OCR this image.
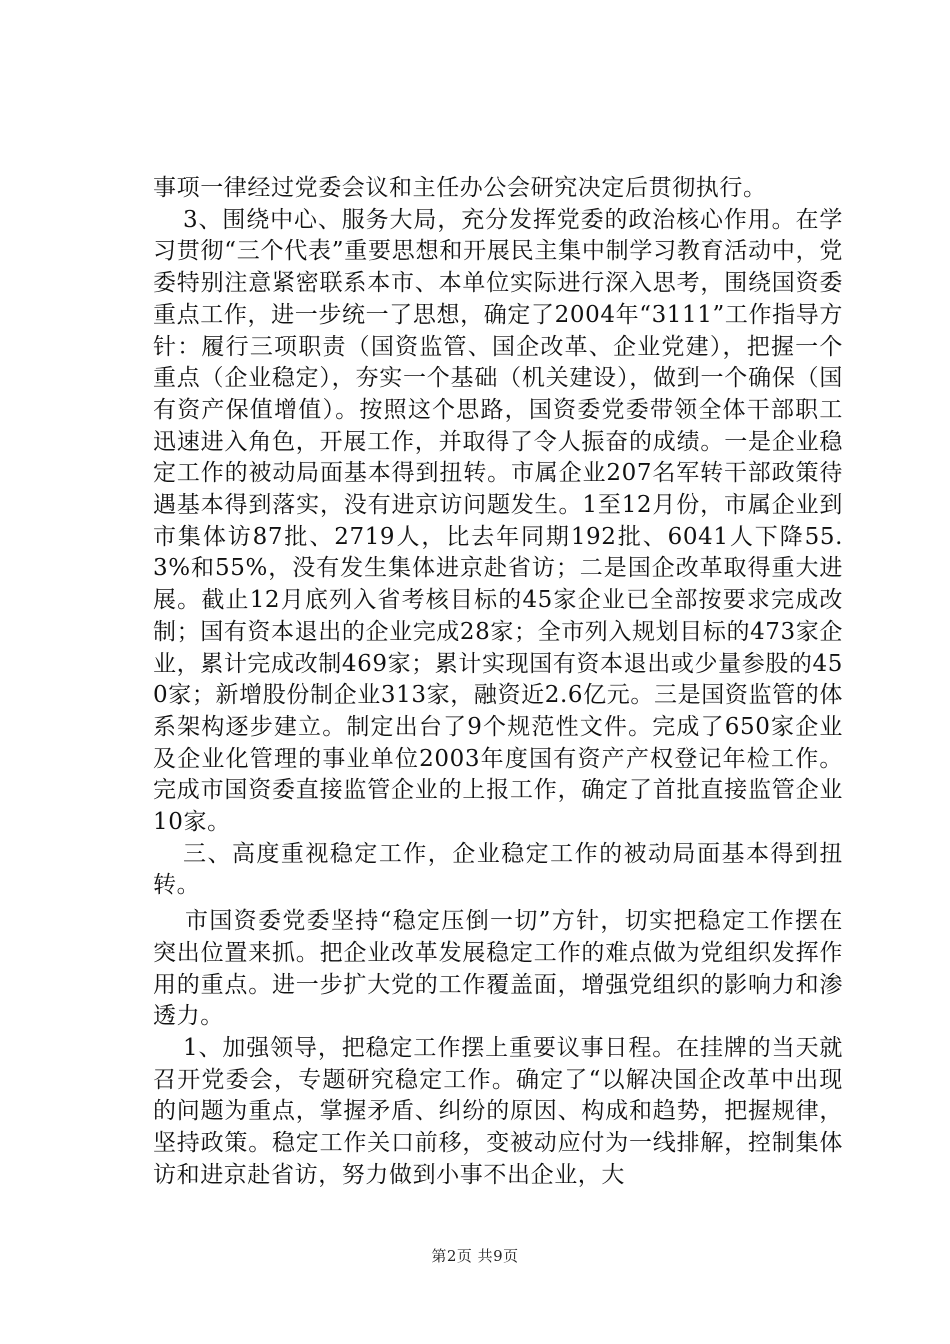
事项一律经过党委会议和主任办公会研究决定后贯彻执行。

3、围绕中心、服务大局，充分发挥党委的政治核心作用。在学习贯彻“三个代表”重要思想和开展民主集中制学习教育活动中，党委特别注意紧密联系本市、本单位实际进行深入思考，围绕国资委重点工作，进一步统一了思想，确定了2004年“3111”工作指导方针：履行三项职责（国资监管、国企改革、企业党建），把握一个重点（企业稳定），夯实一个基础（机关建设），做到一个确保（国有资产保值增值）。按照这个思路，国资委党委带领全体干部职工迅速进入角色，开展工作，并取得了令人振奋的成绩。一是企业稳定工作的被动局面基本得到扭转。市属企业207名军转干部政策待遇基本得到落实，没有进京访问题发生。1至12月份，市属企业到市集体访87批、2719人，比去年同期192批、6041人下降55.3%和55%，没有发生集体进京赴省访；二是国企改革取得重大进展。截止12月底列入省考核目标的45家企业已全部按要求完成改制；国有资本退出的企业完成28家；全市列入规划目标的473家企业，累计完成改制469家；累计实现国有资本退出或少量参股的450家；新增股份制企业313家，融资近2.6亿元。三是国资监管的体系架构逐步建立。制定出台了9个规范性文件。完成了650家企业及企业化管理的事业单位2003年度国有资产产权登记年检工作。完成市国资委直接监管企业的上报工作，确定了首批直接监管企业10家。

三、高度重视稳定工作，企业稳定工作的被动局面基本得到扭转。

市国资委党委坚持“稳定压倒一切”方针，切实把稳定工作摆在突出位置来抓。把企业改革发展稳定工作的难点做为党组织发挥作用的重点。进一步扩大党的工作覆盖面，增强党组织的影响力和渗透力。

1、加强领导，把稳定工作摆上重要议事日程。在挂牌的当天就召开党委会，专题研究稳定工作。确定了“以解决国企改革中出现的问题为重点，掌握矛盾、纠纷的原因、构成和趋势，把握规律，坚持政策。稳定工作关口前移，变被动应付为一线排解，控制集体访和进京赴省访，努力做到小事不出企业，大

第2页 共9页
